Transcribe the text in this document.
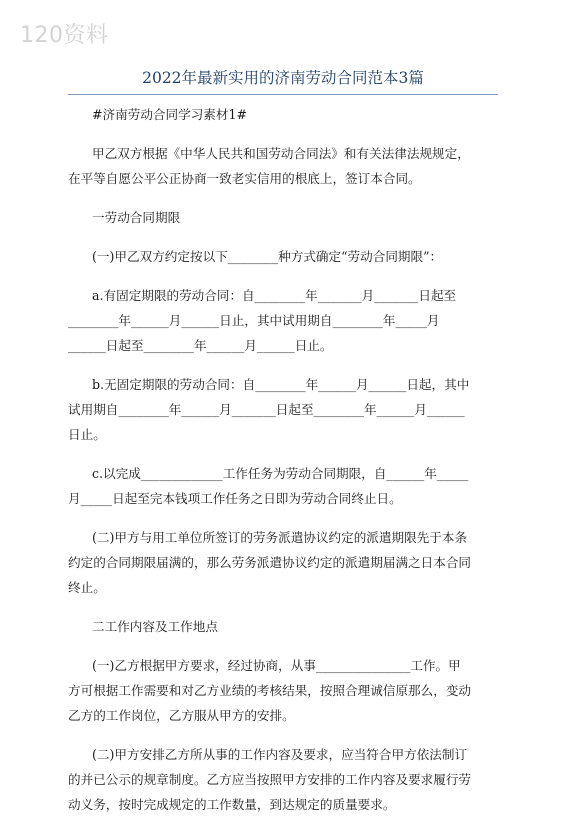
120资料
2022年最新实用的济南劳动合同范本3篇
#济南劳动合同学习素材1#
甲乙双方根据《中华人民共和国劳动合同法》和有关法律法规规定，
在平等自愿公平公正协商一致老实信用的根底上，签订本合同。
一劳动合同期限
(一)甲乙双方约定按以下________种方式确定“劳动合同期限”：
a.有固定期限的劳动合同：自________年_______月_______日起至
________年______月______日止，其中试用期自________年_____月
______日起至________年______月______日止。
b.无固定期限的劳动合同：自________年______月______日起，其中
试用期自________年______月_______日起至________年______月______
日止。
c.以完成_____________工作任务为劳动合同期限，自______年_____
月_____日起至完本钱项工作任务之日即为劳动合同终止日。
(二)甲方与用工单位所签订的劳务派遣协议约定的派遣期限先于本条
约定的合同期限届满的，那么劳务派遣协议约定的派遣期届满之日本合同
终止。
二工作内容及工作地点
(一)乙方根据甲方要求，经过协商，从事_______________工作。甲
方可根据工作需要和对乙方业绩的考核结果，按照合理诚信原那么，变动
乙方的工作岗位，乙方服从甲方的安排。
(二)甲方安排乙方所从事的工作内容及要求，应当符合甲方依法制订
的并已公示的规章制度。乙方应当按照甲方安排的工作内容及要求履行劳
动义务，按时完成规定的工作数量，到达规定的质量要求。
